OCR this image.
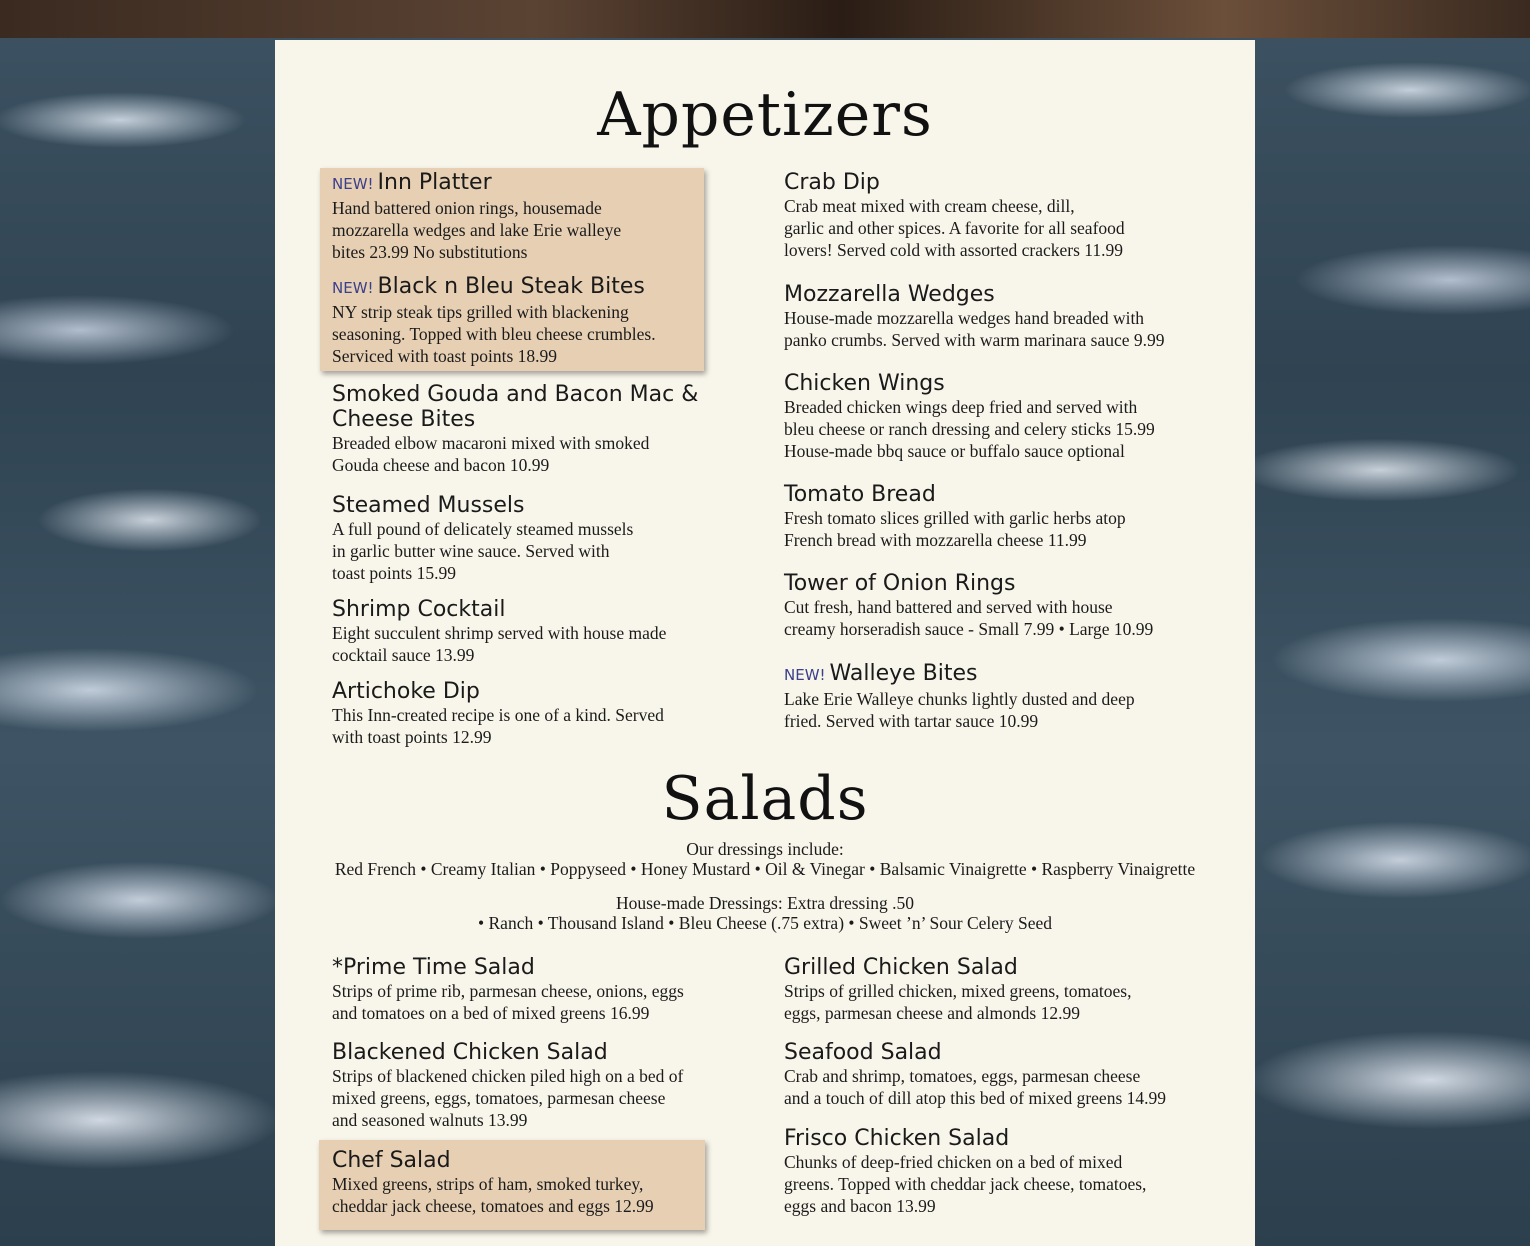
Appetizers
NEW! Inn Platter
Hand battered onion rings, housemade
mozzarella wedges and lake Erie walleye
bites 23.99 No substitutions
NEW! Black n Bleu Steak Bites
NY strip steak tips grilled with blackening
seasoning. Topped with bleu cheese crumbles.
Serviced with toast points 18.99
Smoked Gouda and Bacon Mac &
Cheese Bites
Breaded elbow macaroni mixed with smoked
Gouda cheese and bacon 10.99
Steamed Mussels
A full pound of delicately steamed mussels
in garlic butter wine sauce. Served with
toast points 15.99
Shrimp Cocktail
Eight succulent shrimp served with house made
cocktail sauce 13.99
Artichoke Dip
This Inn-created recipe is one of a kind. Served
with toast points 12.99
Crab Dip
Crab meat mixed with cream cheese, dill,
garlic and other spices. A favorite for all seafood
lovers! Served cold with assorted crackers 11.99
Mozzarella Wedges
House-made mozzarella wedges hand breaded with
panko crumbs. Served with warm marinara sauce 9.99
Chicken Wings
Breaded chicken wings deep fried and served with
bleu cheese or ranch dressing and celery sticks 15.99
House-made bbq sauce or buffalo sauce optional
Tomato Bread
Fresh tomato slices grilled with garlic herbs atop
French bread with mozzarella cheese 11.99
Tower of Onion Rings
Cut fresh, hand battered and served with house
creamy horseradish sauce - Small 7.99 • Large 10.99
NEW! Walleye Bites
Lake Erie Walleye chunks lightly dusted and deep
fried. Served with tartar sauce 10.99
Salads
Our dressings include:
Red French • Creamy Italian • Poppyseed • Honey Mustard • Oil & Vinegar • Balsamic Vinaigrette • Raspberry Vinaigrette
House-made Dressings: Extra dressing .50
• Ranch • Thousand Island • Bleu Cheese (.75 extra) • Sweet ’n’ Sour Celery Seed
*Prime Time Salad
Strips of prime rib, parmesan cheese, onions, eggs
and tomatoes on a bed of mixed greens 16.99
Blackened Chicken Salad
Strips of blackened chicken piled high on a bed of
mixed greens, eggs, tomatoes, parmesan cheese
and seasoned walnuts 13.99
Chef Salad
Mixed greens, strips of ham, smoked turkey,
cheddar jack cheese, tomatoes and eggs 12.99
Grilled Chicken Salad
Strips of grilled chicken, mixed greens, tomatoes,
eggs, parmesan cheese and almonds 12.99
Seafood Salad
Crab and shrimp, tomatoes, eggs, parmesan cheese
and a touch of dill atop this bed of mixed greens 14.99
Frisco Chicken Salad
Chunks of deep-fried chicken on a bed of mixed
greens. Topped with cheddar jack cheese, tomatoes,
eggs and bacon 13.99
